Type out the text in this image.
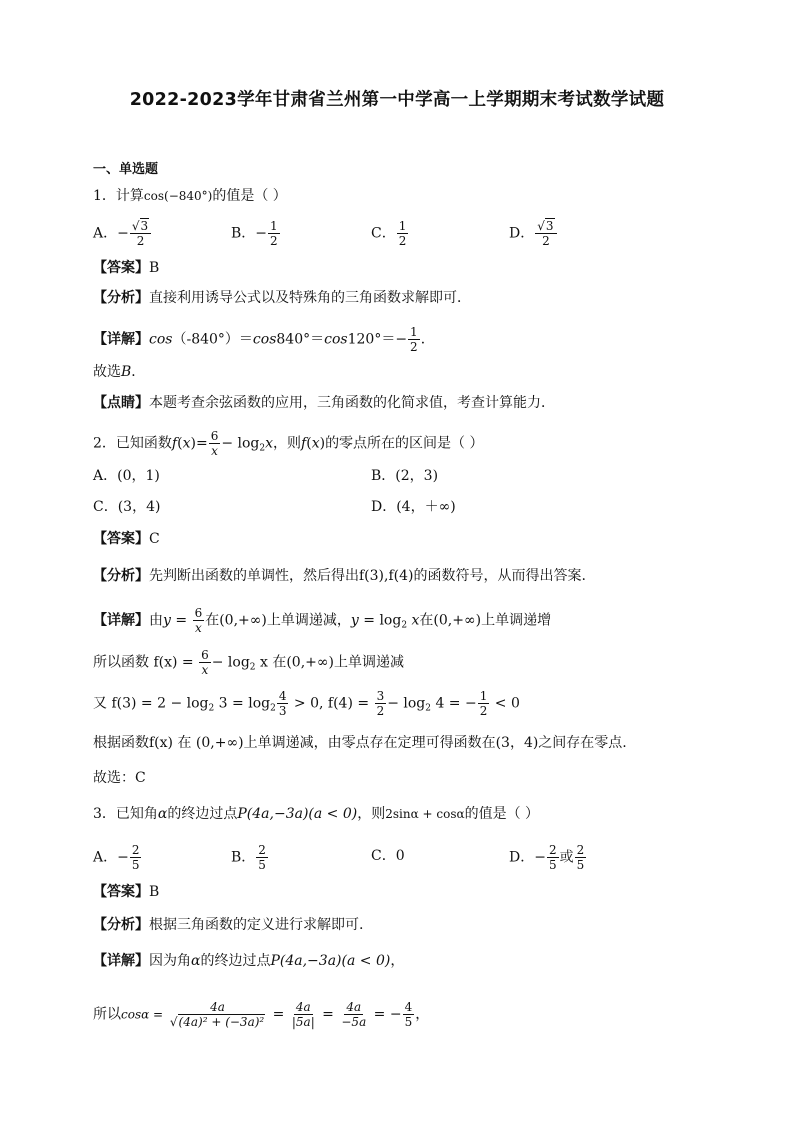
2022-2023学年甘肃省兰州第一中学高一上学期期末考试数学试题
一、单选题
1．计算cos(−840°)的值是（ ）
A．− $\frac{√3}{2}$	B．− $\frac{1}{2}$	C． $\frac{1}{2}$	D． $\frac{√3}{2}$
【答案】B
【分析】直接利用诱导公式以及特殊角的三角函数求解即可．
【详解】$\cos(-840^\circ)=\cos 840^\circ=\cos 120^\circ=- \frac{1}{2}$ ．
故选B．
【点睛】本题考查余弦函数的应用，三角函数的化简求值，考查计算能力．
2．已知函数$f(x)= \frac{6}{x} - \log_2x$，则f(x)的零点所在的区间是（ ）
A．(0，1)	B．(2，3)
C．(3，4)	D．(4，＋∞)
【答案】C
【分析】先判断出函数的单调性，然后得出f(3),f(4)的函数符号，从而得出答案.
【详解】由$y = \frac{6}{x}$ 在(0,+∞)上单调递减，$y = \log_2 x$在(0,+∞)上单调递增
所以函数 $f(x) = \frac{6}{x} - \log_2 x$ 在(0,+∞)上单调递减
又 $f(3) = 2 - \log_2 3 = \log_2 \frac{4}{3} > 0$, $f(4) = \frac{3}{2} - \log_2 4$ = − $\frac{1}{2} < 0$
根据函数f(x) 在 (0,+∞)上单调递减，由零点存在定理可得函数在(3，4)之间存在零点.
故选：C
3．已知角α的终边过点P(4a,−3a)(a < 0)，则2sinα + cosα的值是（ ）
A．− $\frac{2}{5}$	B． $\frac{2}{5}$	C．0	D．− $\frac{2}{5}$ 或 $\frac{2}{5}$
【答案】B
【分析】根据三角函数的定义进行求解即可.
【详解】因为角α的终边过点P(4a,−3a)(a < 0)，
所以$\cos\alpha = \frac{4a}{\text{√(4a)² + (−3a)²}} = \frac{4a}{|5a|} = \frac{4a}{-5a}$ = − $\frac{4}{5}$ ，
